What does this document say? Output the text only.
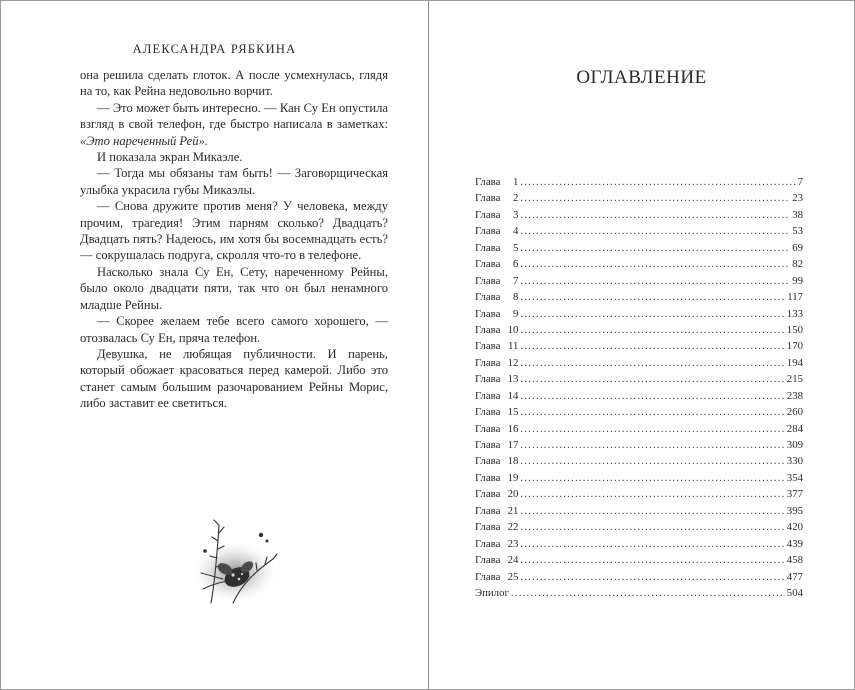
АЛЕКСАНДРА РЯБКИНА

она решила сделать глоток. А после усмехнулась, глядя на то, как Рейна недовольно ворчит.

— Это может быть интересно. — Кан Су Ен опустила взгляд в свой телефон, где быстро написала в заметках: «Это нареченный Рей».

И показала экран Микаэле.

— Тогда мы обязаны там быть! — Заговорщическая улыбка украсила губы Микаэлы.

— Снова дружите против меня? У человека, между прочим, трагедия! Этим парням сколько? Двадцать? Двадцать пять? Надеюсь, им хотя бы восемнадцать есть? — сокрушалась подруга, скролля что-то в телефоне.

Насколько знала Су Ен, Сету, нареченному Рейны, было около двадцати пяти, так что он был ненамного младше Рейны.

— Скорее желаем тебе всего самого хорошего, — отозвалась Су Ен, пряча телефон.

Девушка, не любящая публичности. И парень, который обожает красоваться перед камерой. Либо это станет самым большим разочарованием Рейны Морис, либо заставит ее светиться.

ОГЛАВЛЕНИЕ
Глава	1 .....	7
Глава	2 .....	23
Глава	3 .....	38
Глава	4 .....	53
Глава	5 .....	69
Глава	6 .....	82
Глава	7 .....	99
Глава	8 .....	117
Глава	9 .....	133
Глава 10 .....	150
Глава 11 .....	170
Глава 12 .....	194
Глава 13 .....	215
Глава 14 .....	238
Глава 15 .....	260
Глава 16 .....	284
Глава 17 .....	309
Глава 18 .....	330
Глава 19 .....	354
Глава 20 .....	377
Глава 21 .....	395
Глава 22 .....	420
Глава 23 .....	439
Глава 24 .....	458
Глава 25 .....	477
Эпилог .....	504
